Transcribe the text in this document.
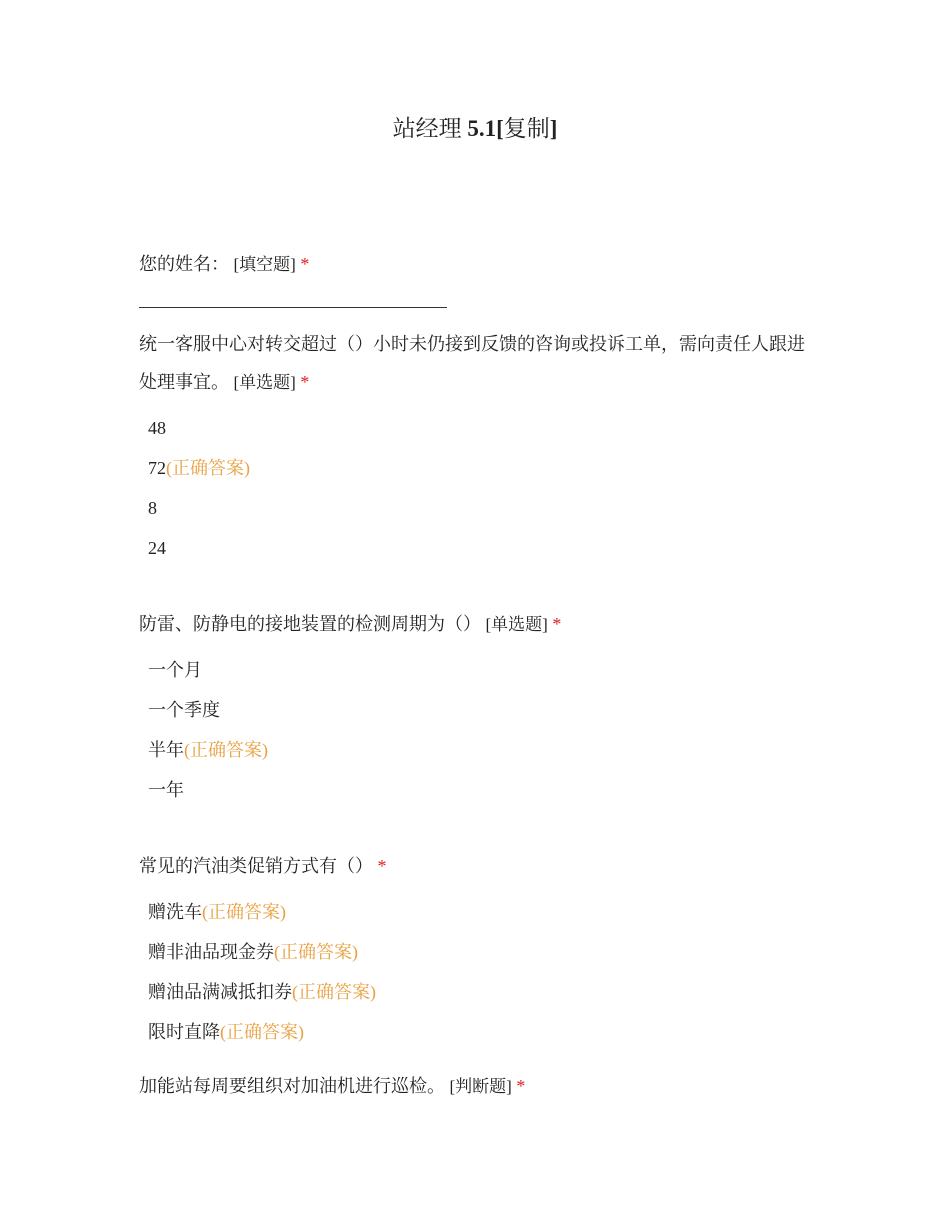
站经理 5.1[复制]
您的姓名： [填空题] *
统一客服中心对转交超过（）小时未仍接到反馈的咨询或投诉工单，需向责任人跟进处理事宜。 [单选题] *
48
72(正确答案)
8
24
防雷、防静电的接地装置的检测周期为（） [单选题] *
一个月
一个季度
半年(正确答案)
一年
常见的汽油类促销方式有（） *
赠洗车(正确答案)
赠非油品现金券(正确答案)
赠油品满减抵扣券(正确答案)
限时直降(正确答案)
加能站每周要组织对加油机进行巡检。 [判断题] *
